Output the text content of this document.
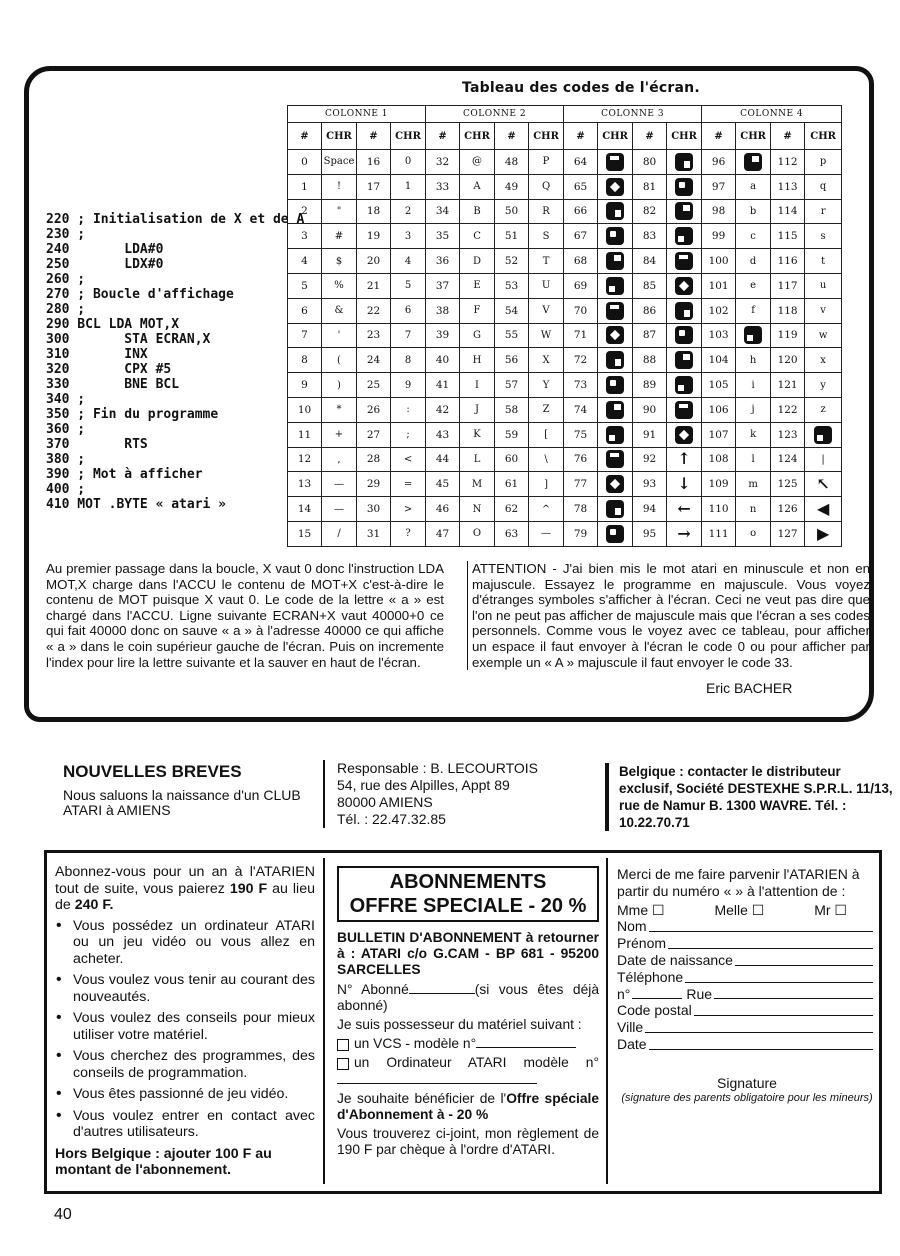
Tableau des codes de l'écran.
COLONNE 1				COLONNE 2				COLONNE 3				COLONNE 4			
#	CHR	#	CHR	#	CHR	#	CHR	#	CHR	#	CHR	#	CHR	#	CHR
0	Space	16	0	32	@	48	P	64		80		96		112	p
1	!	17	1	33	A	49	Q	65		81		97	a	113	q
2	"	18	2	34	B	50	R	66		82		98	b	114	r
3	#	19	3	35	C	51	S	67		83		99	c	115	s
4	$	20	4	36	D	52	T	68		84		100	d	116	t
5	%	21	5	37	E	53	U	69		85		101	e	117	u
6	&	22	6	38	F	54	V	70		86		102	f	118	v
7	'	23	7	39	G	55	W	71		87		103		119	w
8	(	24	8	40	H	56	X	72		88		104	h	120	x
9	)	25	9	41	I	57	Y	73		89		105	i	121	y
10	*	26	:	42	J	58	Z	74		90		106	j	122	z
11	+	27	;	43	K	59	[	75		91		107	k	123	

12	,	28	<	44	L	60	\	76		92	↑	108	l	124	|
13	—	29	=	45	M	61	]	77		93	↓	109	m	125	↖
14	—	30	>	46	N	62	^	78		94	←	110	n	126	◀
15	/	31	?	47	O	63	—	79		95	→	111	o	127	▶
220 ; Initialisation de X et de A
230 ;
240       LDA#0
250       LDX#0
260 ;
270 ; Boucle d'affichage
280 ;
290 BCL LDA MOT,X
300       STA ECRAN,X
310       INX
320       CPX #5
330       BNE BCL
340 ;
350 ; Fin du programme
360 ;
370       RTS
380 ;
390 ; Mot à afficher
400 ;
410 MOT .BYTE « atari »
Au premier passage dans la boucle, X vaut 0 donc l'instruction LDA MOT,X charge dans l'ACCU le contenu de MOT+X c'est-à-dire le contenu de MOT puisque X vaut 0. Le code de la lettre « a » est chargé dans l'ACCU. Ligne suivante ECRAN+X vaut 40000+0 ce qui fait 40000 donc on sauve « a » à l'adresse 40000 ce qui affiche « a » dans le coin supérieur gauche de l'écran. Puis on incremente l'index pour lire la lettre suivante et la sauver en haut de l'écran.
ATTENTION - J'ai bien mis le mot atari en minuscule et non en majuscule. Essayez le programme en majuscule. Vous voyez d'étranges symboles s'afficher à l'écran. Ceci ne veut pas dire que l'on ne peut pas afficher de majuscule mais que l'écran a ses codes personnels. Comme vous le voyez avec ce tableau, pour afficher un espace il faut envoyer à l'écran le code 0 ou pour afficher par exemple un « A » majuscule il faut envoyer le code 33.
Eric BACHER
NOUVELLES BREVES
Nous saluons la naissance d'un CLUB ATARI à AMIENS
Responsable : B. LECOURTOIS
54, rue des Alpilles, Appt 89
80000 AMIENS
Tél. : 22.47.32.85
Belgique : contacter le distributeur exclusif, Société DESTEXHE S.P.R.L. 11/13, rue de Namur B. 1300 WAVRE. Tél. : 10.22.70.71

Abonnez-vous pour un an à l'ATARIEN tout de suite, vous paierez 190 F au lieu de 240 F.

• Vous possédez un ordinateur ATARI ou un jeu vidéo ou vous allez en acheter.
• Vous voulez vous tenir au courant des nouveautés.
• Vous voulez des conseils pour mieux utiliser votre matériel.
• Vous cherchez des programmes, des conseils de programmation.
• Vous êtes passionné de jeu vidéo.
• Vous voulez entrer en contact avec d'autres utilisateurs.
Hors Belgique : ajouter 100 F au montant de l'abonnement.
ABONNEMENTS
OFFRE SPECIALE - 20 %

BULLETIN D'ABONNEMENT à retourner à : ATARI c/o G.CAM - BP 681 - 95200 SARCELLES

N° Abonné	(si vous êtes déjà abonné)

Je suis possesseur du matériel suivant :

un VCS - modèle n°

un Ordinateur ATARI modèle n°

Je souhaite bénéficier de l'Offre spéciale d'Abonnement à - 20 %

Vous trouverez ci-joint, mon règlement de 190 F par chèque à l'ordre d'ATARI.

Merci de me faire parvenir l'ATARIEN à partir du numéro « » à l'attention de :
Mme ☐	Melle ☐	Mr ☐
Nom
Prénom
Date de naissance
Téléphone
n°	Rue
Code postal
Ville
Date
Signature
(signature des parents obligatoire pour les mineurs)
40
